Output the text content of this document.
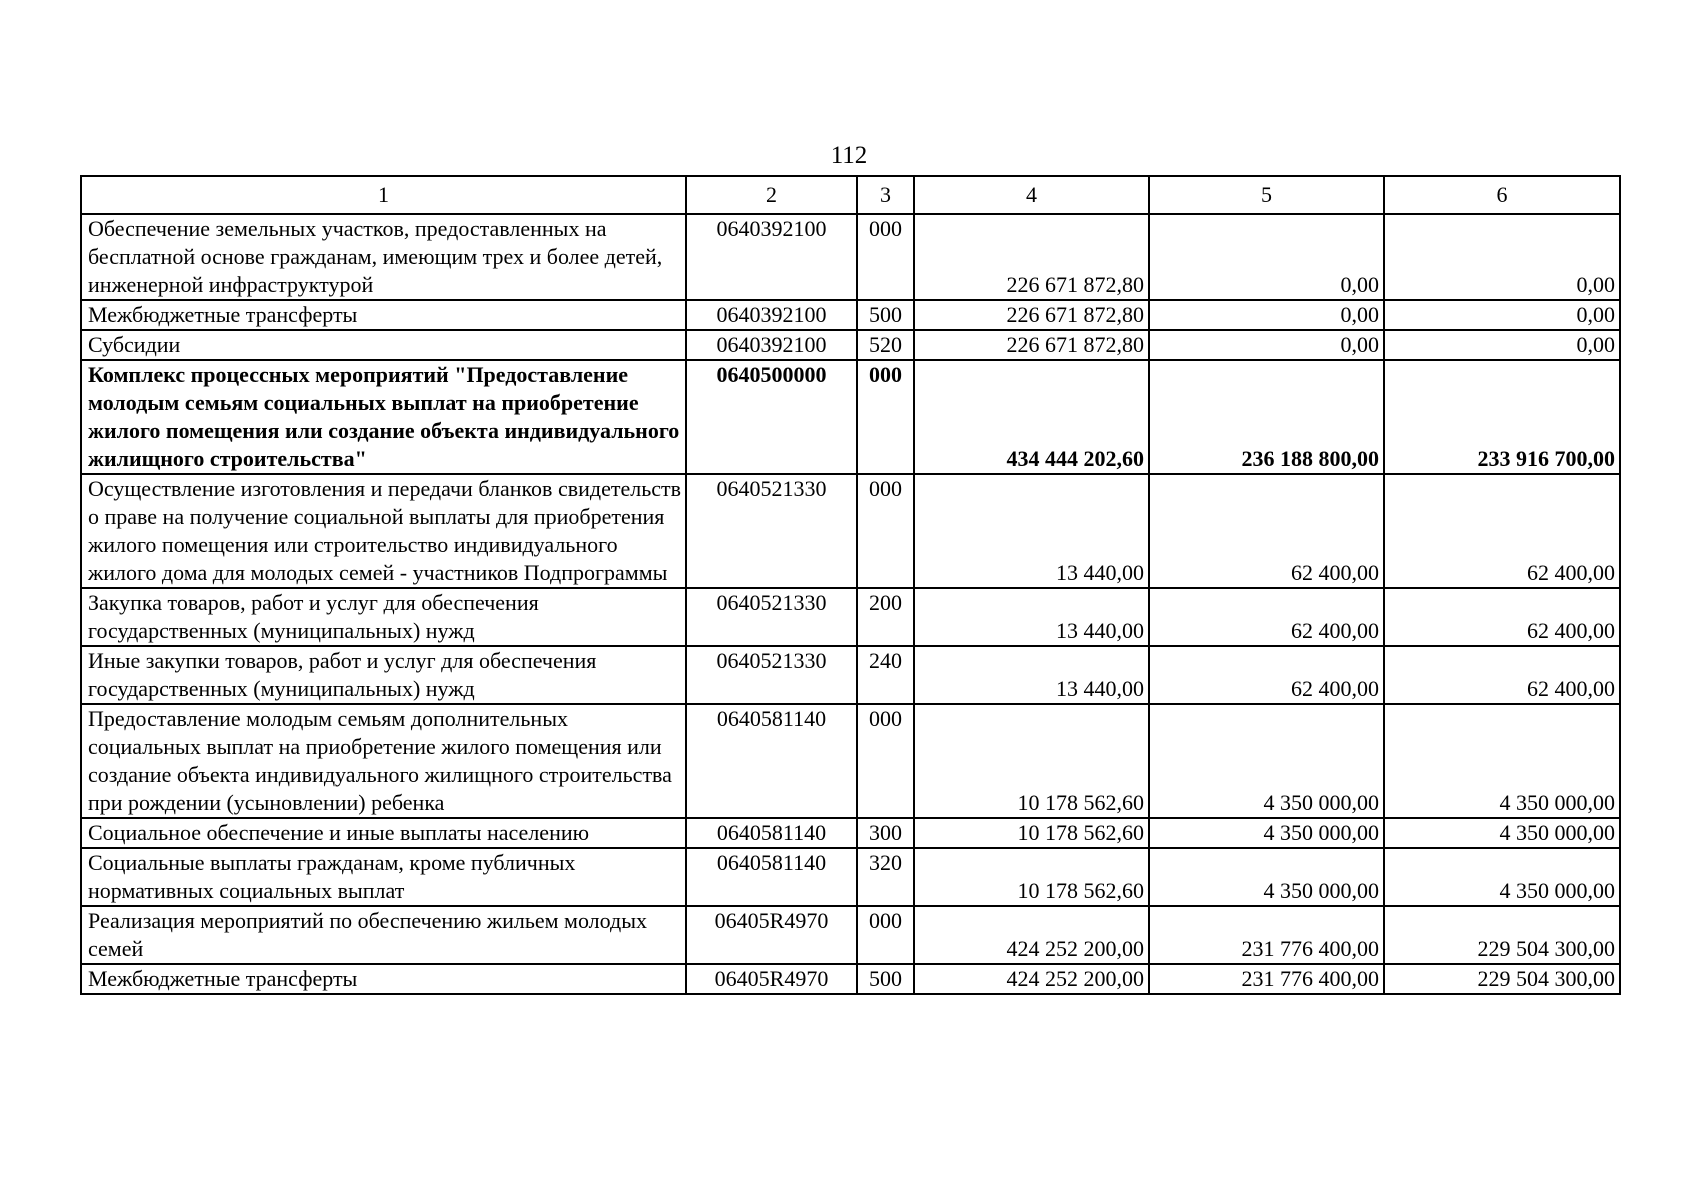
112
1	2	3	4	5	6
Обеспечение земельных участков, предоставленных на бесплатной основе гражданам, имеющим трех и более детей, инженерной инфраструктурой	0640392100	000	226 671 872,80	0,00	0,00
Межбюджетные трансферты	0640392100	500	226 671 872,80	0,00	0,00
Субсидии	0640392100	520	226 671 872,80	0,00	0,00
Комплекс процессных мероприятий "Предоставление молодым семьям социальных выплат на приобретение жилого помещения или создание объекта индивидуального жилищного строительства"	0640500000	000	434 444 202,60	236 188 800,00	233 916 700,00
Осуществление изготовления и передачи бланков свидетельств о праве на получение социальной выплаты для приобретения жилого помещения или строительство индивидуального жилого дома для молодых семей - участников Подпрограммы	0640521330	000	13 440,00	62 400,00	62 400,00
Закупка товаров, работ и услуг для обеспечения государственных (муниципальных) нужд	0640521330	200	13 440,00	62 400,00	62 400,00
Иные закупки товаров, работ и услуг для обеспечения государственных (муниципальных) нужд	0640521330	240	13 440,00	62 400,00	62 400,00
Предоставление молодым семьям дополнительных социальных выплат на приобретение жилого помещения или создание объекта индивидуального жилищного строительства при рождении (усыновлении) ребенка	0640581140	000	10 178 562,60	4 350 000,00	4 350 000,00
Социальное обеспечение и иные выплаты населению	0640581140	300	10 178 562,60	4 350 000,00	4 350 000,00
Социальные выплаты гражданам, кроме публичных нормативных социальных выплат	0640581140	320	10 178 562,60	4 350 000,00	4 350 000,00
Реализация мероприятий по обеспечению жильем молодых семей	06405R4970	000	424 252 200,00	231 776 400,00	229 504 300,00
Межбюджетные трансферты	06405R4970	500	424 252 200,00	231 776 400,00	229 504 300,00
